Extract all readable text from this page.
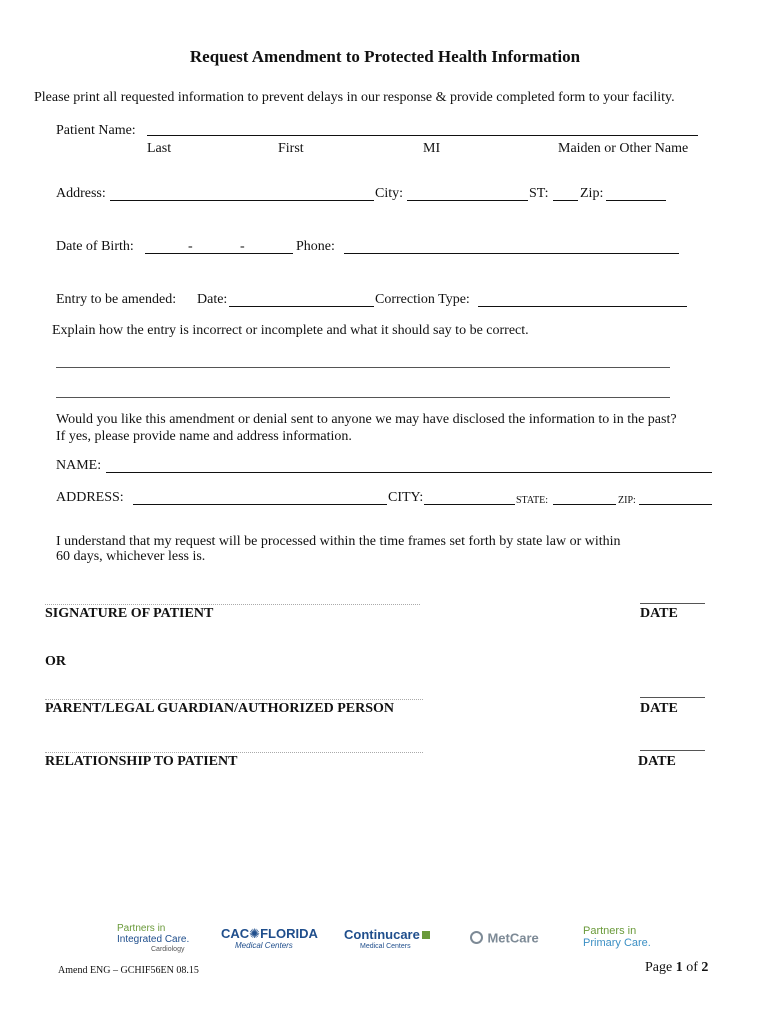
Request Amendment to Protected Health Information
Please print all requested information to prevent delays in our response & provide completed form to your facility.
Patient Name:
Last	First	MI	Maiden or Other Name
Address:	City:	ST: Zip:
Date of Birth:	-	-	Phone:
Entry to be amended: Date:	Correction Type:
Explain how the entry is incorrect or incomplete and what it should say to be correct.
Would you like this amendment or denial sent to anyone we may have disclosed the information to in the past?
If yes, please provide name and address information.
NAME:
ADDRESS:	CITY:	STATE:	ZIP:
I understand that my request will be processed within the time frames set forth by state law or within
60 days, whichever less is.
SIGNATURE OF PATIENT	DATE
OR
PARENT/LEGAL GUARDIAN/AUTHORIZED PERSON	DATE
RELATIONSHIP TO PATIENT	DATE
Partners in
Integrated Care.
Cardiology
CAC✺FLORIDA
Medical Centers
Continucare
Medical Centers
MetCare	Partners in
Primary Care.
Amend ENG – GCHIF56EN 08.15	Page 1 of 2
